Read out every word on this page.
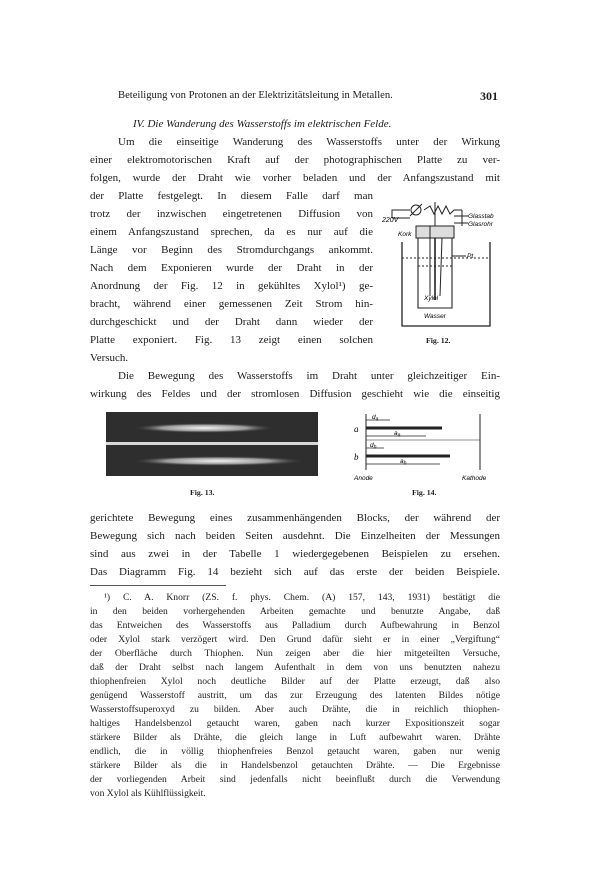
Beteiligung von Protonen an der Elektrizitätsleitung in Metallen.	301
IV. Die Wanderung des Wasserstoffs im elektrischen Felde.
Um die einseitige Wanderung des Wasserstoffs unter der Wirkung
einer elektromotorischen Kraft auf der photographischen Platte zu ver-
folgen, wurde der Draht wie vorher beladen und der Anfangszustand mit
der Platte festgelegt. In diesem Falle darf man
trotz der inzwischen eingetretenen Diffusion von
einem Anfangszustand sprechen, da es nur auf die
Länge vor Beginn des Stromdurchgangs ankommt.
Nach dem Exponieren wurde der Draht in der
Anordnung der Fig. 12 in gekühltes Xylol¹) ge-
bracht, während einer gemessenen Zeit Strom hin-
durchgeschickt und der Draht dann wieder der
Platte exponiert. Fig. 13 zeigt einen solchen
Versuch.
220V
Glasstab
Glasrohr
Kork
Pt
Xylol
Wasser
Fig. 12.
Die Bewegung des Wasserstoffs im Draht unter gleichzeitiger Ein-
wirkung des Feldes und der stromlosen Diffusion geschieht wie die einseitig
Fig. 13.
a
b
$d_a$
$a_a$
$d_b$
$a_b$
Anode	Kathode
Fig. 14.
gerichtete Bewegung eines zusammenhängenden Blocks, der während der
Bewegung sich nach beiden Seiten ausdehnt. Die Einzelheiten der Messungen
sind aus zwei in der Tabelle 1 wiedergegebenen Beispielen zu ersehen.
Das Diagramm Fig. 14 bezieht sich auf das erste der beiden Beispiele.
¹) C. A. Knorr (ZS. f. phys. Chem. (A) 157, 143, 1931) bestätigt die
in den beiden vorhergehenden Arbeiten gemachte und benutzte Angabe, daß
das Entweichen des Wasserstoffs aus Palladium durch Aufbewahrung in Benzol
oder Xylol stark verzögert wird. Den Grund dafür sieht er in einer „Vergiftung“
der Oberfläche durch Thiophen. Nun zeigen aber die hier mitgeteilten Versuche,
daß der Draht selbst nach langem Aufenthalt in dem von uns benutzten nahezu
thiophenfreien Xylol noch deutliche Bilder auf der Platte erzeugt, daß also
genügend Wasserstoff austritt, um das zur Erzeugung des latenten Bildes nötige
Wasserstoffsuperoxyd zu bilden. Aber auch Drähte, die in reichlich thiophen-
haltiges Handelsbenzol getaucht waren, gaben nach kurzer Expositionszeit sogar
stärkere Bilder als Drähte, die gleich lange in Luft aufbewahrt waren. Drähte
endlich, die in völlig thiophenfreies Benzol getaucht waren, gaben nur wenig
stärkere Bilder als die in Handelsbenzol getauchten Drähte. — Die Ergebnisse
der vorliegenden Arbeit sind jedenfalls nicht beeinflußt durch die Verwendung
von Xylol als Kühlflüssigkeit.
